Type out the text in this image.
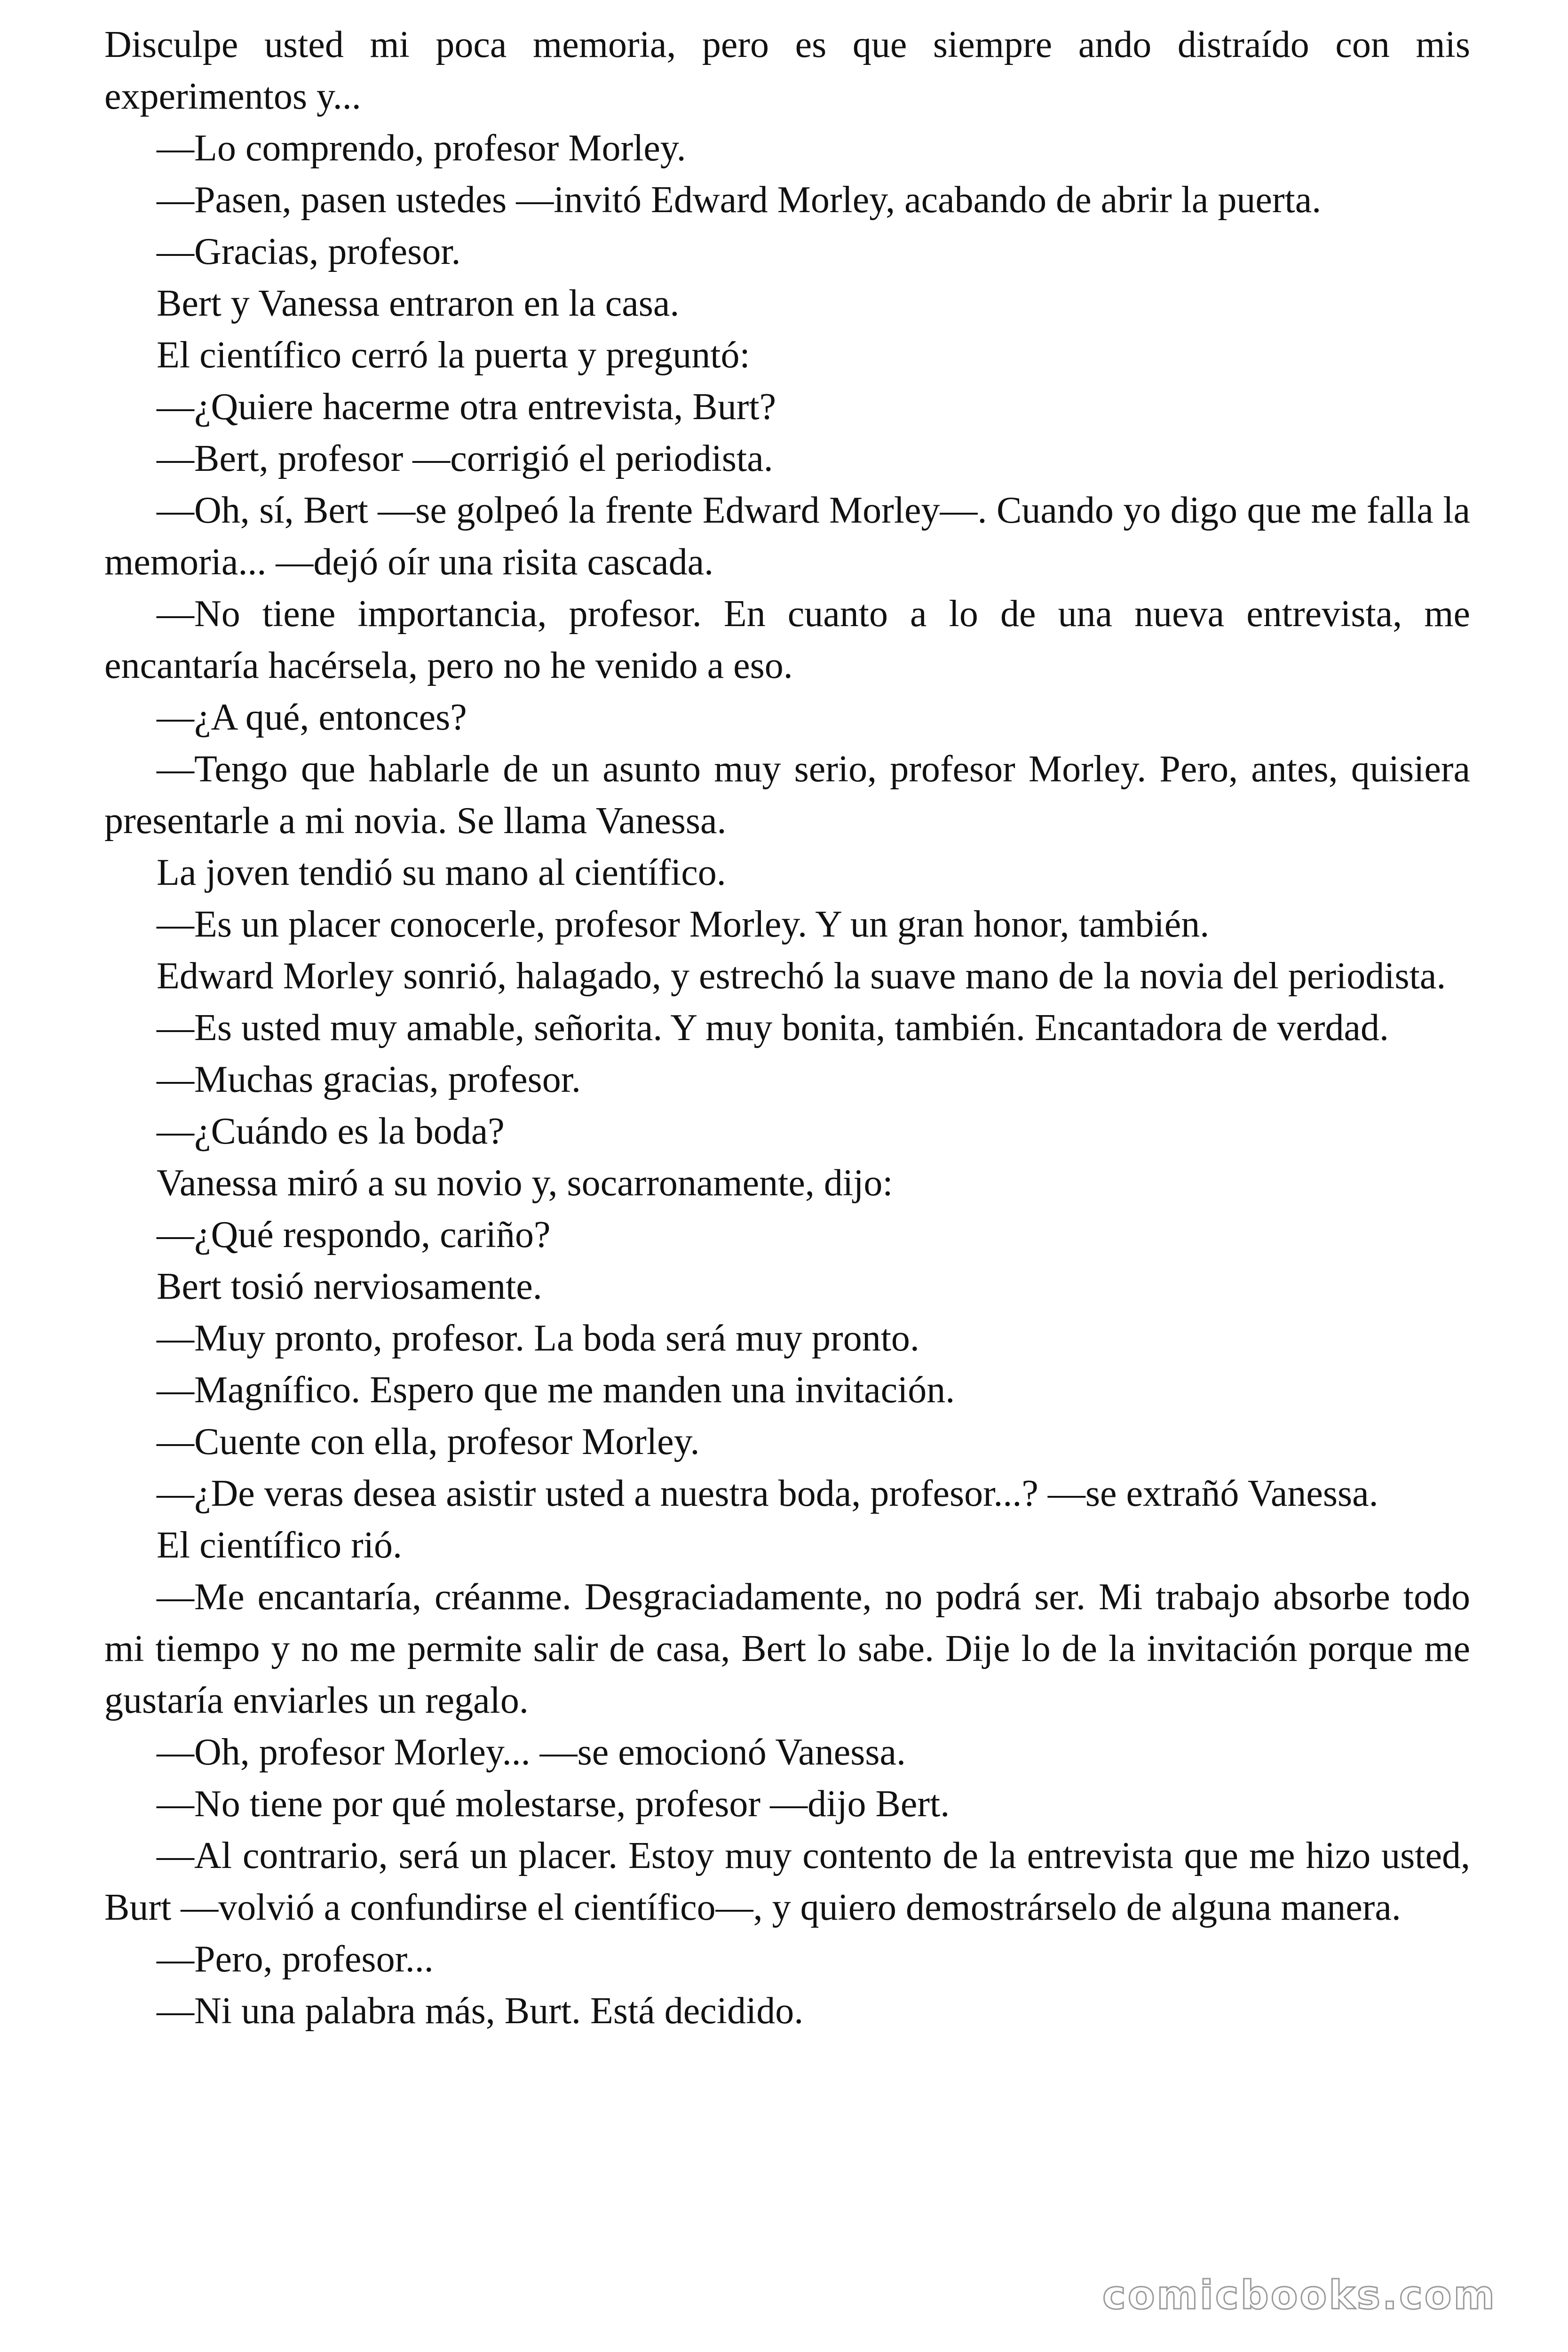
Disculpe usted mi poca memoria, pero es que siempre ando distraído con mis experimentos y...

—Lo comprendo, profesor Morley.

—Pasen, pasen ustedes —invitó Edward Morley, acabando de abrir la puerta.

—Gracias, profesor.

Bert y Vanessa entraron en la casa.

El científico cerró la puerta y preguntó:

—¿Quiere hacerme otra entrevista, Burt?

—Bert, profesor —corrigió el periodista.

—Oh, sí, Bert —se golpeó la frente Edward Morley—. Cuando yo digo que me falla la memoria... —dejó oír una risita cascada.

—No tiene importancia, profesor. En cuanto a lo de una nueva entrevista, me encantaría hacérsela, pero no he venido a eso.

—¿A qué, entonces?

—Tengo que hablarle de un asunto muy serio, profesor Morley. Pero, antes, quisiera presentarle a mi novia. Se llama Vanessa.

La joven tendió su mano al científico.

—Es un placer conocerle, profesor Morley. Y un gran honor, también.

Edward Morley sonrió, halagado, y estrechó la suave mano de la novia del periodista.

—Es usted muy amable, señorita. Y muy bonita, también. Encantadora de verdad.

—Muchas gracias, profesor.

—¿Cuándo es la boda?

Vanessa miró a su novio y, socarronamente, dijo:

—¿Qué respondo, cariño?

Bert tosió nerviosamente.

—Muy pronto, profesor. La boda será muy pronto.

—Magnífico. Espero que me manden una invitación.

—Cuente con ella, profesor Morley.

—¿De veras desea asistir usted a nuestra boda, profesor...? —se extrañó Vanessa.

El científico rió.

—Me encantaría, créanme. Desgraciadamente, no podrá ser. Mi trabajo absorbe todo mi tiempo y no me permite salir de casa, Bert lo sabe. Dije lo de la invitación porque me gustaría enviarles un regalo.

—Oh, profesor Morley... —se emocionó Vanessa.

—No tiene por qué molestarse, profesor —dijo Bert.

—Al contrario, será un placer. Estoy muy contento de la entrevista que me hizo usted, Burt —volvió a confundirse el científico—, y quiero demostrárselo de alguna manera.

—Pero, profesor...

—Ni una palabra más, Burt. Está decidido.

comicbooks.com
